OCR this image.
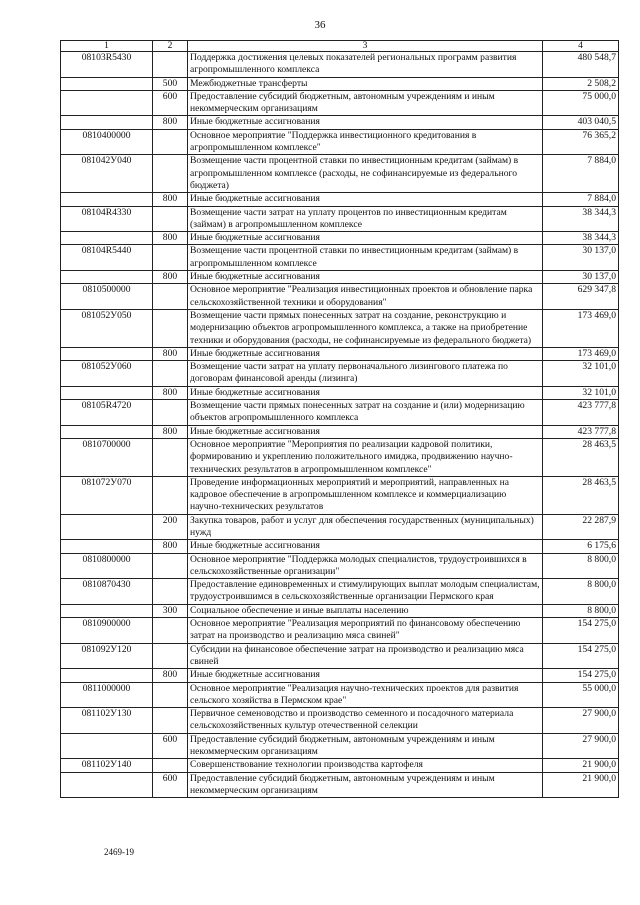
36
1	2	3	4
08103R5430		Поддержка достижения целевых показателей региональных программ развития агропромышленного комплекса	480 548,7
	500	Межбюджетные трансферты	2 508,2
	600	Предоставление субсидий бюджетным, автономным учреждениям и иным некоммерческим организациям	75 000,0
	800	Иные бюджетные ассигнования	403 040,5
0810400000		Основное мероприятие "Поддержка инвестиционного кредитования в агропромышленном комплексе"	76 365,2
081042У040		Возмещение части процентной ставки по инвестиционным кредитам (займам) в агропромышленном комплексе (расходы, не софинансируемые из федерального бюджета)	7 884,0
	800	Иные бюджетные ассигнования	7 884,0
08104R4330		Возмещение части затрат на уплату процентов по инвестиционным кредитам (займам) в агропромышленном комплексе	38 344,3
	800	Иные бюджетные ассигнования	38 344,3
08104R5440		Возмещение части процентной ставки по инвестиционным кредитам (займам) в агропромышленном комплексе	30 137,0
	800	Иные бюджетные ассигнования	30 137,0
0810500000		Основное мероприятие "Реализация инвестиционных проектов и обновление парка сельскохозяйственной техники и оборудования"	629 347,8
081052У050		Возмещение части прямых понесенных затрат на создание, реконструкцию и модернизацию объектов агропромышленного комплекса, а также на приобретение техники и оборудования (расходы, не софинансируемые из федерального бюджета)	173 469,0
	800	Иные бюджетные ассигнования	173 469,0
081052У060		Возмещение части затрат на уплату первоначального лизингового платежа по договорам финансовой аренды (лизинга)	32 101,0
	800	Иные бюджетные ассигнования	32 101,0
08105R4720		Возмещение части прямых понесенных затрат на создание и (или) модернизацию объектов агропромышленного комплекса	423 777,8
	800	Иные бюджетные ассигнования	423 777,8
0810700000		Основное мероприятие "Мероприятия по реализации кадровой политики, формированию и укреплению положительного имиджа, продвижению научно-технических результатов в агропромышленном комплексе"	28 463,5
081072У070		Проведение информационных мероприятий и мероприятий, направленных на кадровое обеспечение в агропромышленном комплексе и коммерциализацию научно-технических результатов	28 463,5
	200	Закупка товаров, работ и услуг для обеспечения государственных (муниципальных) нужд	22 287,9
	800	Иные бюджетные ассигнования	6 175,6
0810800000		Основное мероприятие "Поддержка молодых специалистов, трудоустроившихся в сельскохозяйственные организации"	8 800,0
0810870430		Предоставление единовременных и стимулирующих выплат молодым специалистам, трудоустроившимся в сельскохозяйственные организации Пермского края	8 800,0
	300	Социальное обеспечение и иные выплаты населению	8 800,0
0810900000		Основное мероприятие "Реализация мероприятий по финансовому обеспечению затрат на производство и реализацию мяса свиней"	154 275,0
081092У120		Субсидии на финансовое обеспечение затрат на производство и реализацию мяса свиней	154 275,0
	800	Иные бюджетные ассигнования	154 275,0
0811000000		Основное мероприятие "Реализация научно-технических проектов для развития сельского хозяйства в Пермском крае"	55 000,0
081102У130		Первичное семеноводство и производство семенного и посадочного материала сельскохозяйственных культур отечественной селекции	27 900,0
	600	Предоставление субсидий бюджетным, автономным учреждениям и иным некоммерческим организациям	27 900,0
081102У140		Совершенствование технологии производства картофеля	21 900,0
	600	Предоставление субсидий бюджетным, автономным учреждениям и иным некоммерческим организациям	21 900,0
2469-19
